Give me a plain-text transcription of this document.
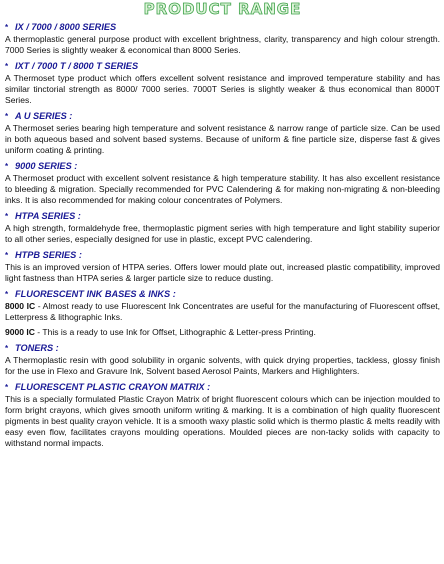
PRODUCT RANGE
* IX / 7000 / 8000 SERIES

A thermoplastic general purpose product with excellent brightness, clarity, transparency and high colour strength. 7000 Series is slightly weaker & economical than 8000 Series.

* IXT / 7000 T / 8000 T SERIES

A Thermoset type product which offers excellent solvent resistance and improved temperature stability and has similar tinctorial strength as 8000/ 7000 series. 7000T Series is slightly weaker & thus economical than 8000T Series.

* A U SERIES :

A Thermoset series bearing high temperature and solvent resistance & narrow range of particle size. Can be used in both aqueous based and solvent based systems. Because of uniform & fine particle size, disperse fast & gives uniform coating & printing.

* 9000 SERIES :

A Thermoset product with excellent solvent resistance & high temperature stability. It has also excellent resistance to bleeding & migration. Specially recommended for PVC Calendering & for making non-migrating & non-bleeding inks. It is also recommended for making colour concentrates of Polymers.

* HTPA SERIES :

A high strength, formaldehyde free, thermoplastic pigment series with high temperature and light stability superior to all other series, especially designed for use in plastic, except PVC calendering.

* HTPB SERIES :

This is an improved version of HTPA series. Offers lower mould plate out, increased plastic compatibility, improved light fastness than HTPA series & larger particle size to reduce dusting.

* FLUORESCENT INK BASES & INKS :

8000 IC - Almost ready to use Fluorescent Ink Concentrates are useful for the manufacturing of Fluorescent offset, Letterpress & lithographic Inks.

9000 IC - This is a ready to use Ink for Offset, Lithographic & Letter-press Printing.

* TONERS :

A Thermoplastic resin with good solubility in organic solvents, with quick drying properties, tackless, glossy finish for the use in Flexo and Gravure Ink, Solvent based Aerosol Paints, Markers and Highlighters.

* FLUORESCENT PLASTIC CRAYON MATRIX :

This is a specially formulated Plastic Crayon Matrix of bright fluorescent colours which can be injection moulded to form bright crayons, which gives smooth uniform writing & marking. It is a combination of high quality fluorescent pigments in best quality crayon vehicle. It is a smooth waxy plastic solid which is thermo plastic & melts readily with easy even flow, facilitates crayons moulding operations. Moulded pieces are non-tacky solids with capacity to withstand normal impacts.
